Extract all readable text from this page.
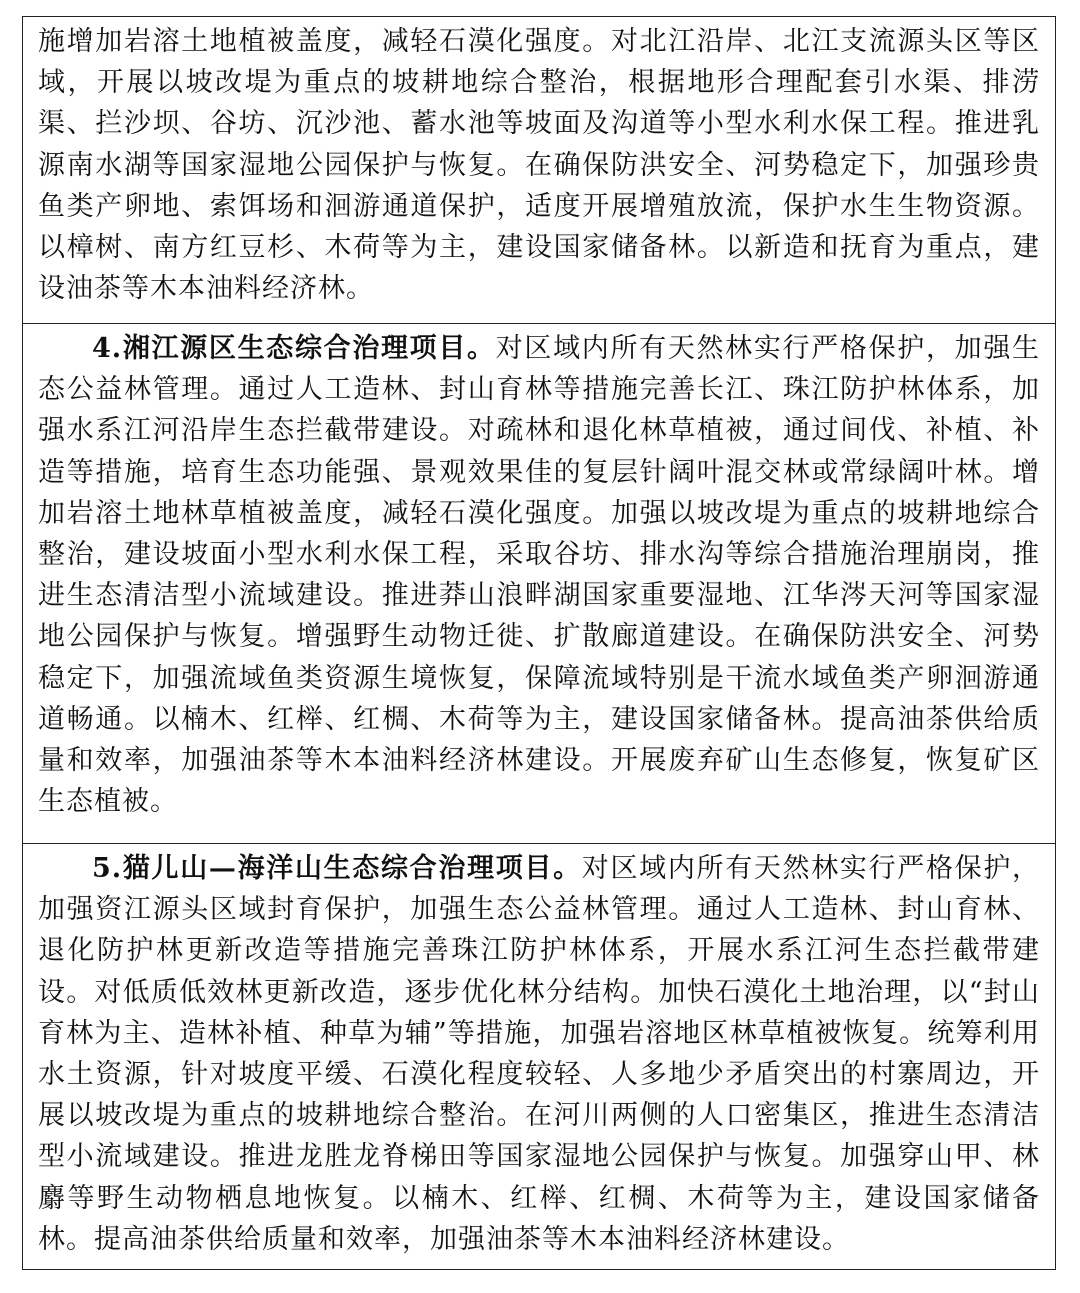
施增加岩溶土地植被盖度，减轻石漠化强度。对北江沿岸、北江支流源头区等区域，开展以坡改堤为重点的坡耕地综合整治，根据地形合理配套引水渠、排涝渠、拦沙坝、谷坊、沉沙池、蓄水池等坡面及沟道等小型水利水保工程。推进乳源南水湖等国家湿地公园保护与恢复。在确保防洪安全、河势稳定下，加强珍贵鱼类产卵地、索饵场和洄游通道保护，适度开展增殖放流，保护水生生物资源。以樟树、南方红豆杉、木荷等为主，建设国家储备林。以新造和抚育为重点，建设油茶等木本油料经济林。

4.湘江源区生态综合治理项目。对区域内所有天然林实行严格保护，加强生态公益林管理。通过人工造林、封山育林等措施完善长江、珠江防护林体系，加强水系江河沿岸生态拦截带建设。对疏林和退化林草植被，通过间伐、补植、补造等措施，培育生态功能强、景观效果佳的复层针阔叶混交林或常绿阔叶林。增加岩溶土地林草植被盖度，减轻石漠化强度。加强以坡改堤为重点的坡耕地综合整治，建设坡面小型水利水保工程，采取谷坊、排水沟等综合措施治理崩岗，推进生态清洁型小流域建设。推进莽山浪畔湖国家重要湿地、江华涔天河等国家湿地公园保护与恢复。增强野生动物迁徙、扩散廊道建设。在确保防洪安全、河势稳定下，加强流域鱼类资源生境恢复，保障流域特别是干流水域鱼类产卵洄游通道畅通。以楠木、红榉、红椆、木荷等为主，建设国家储备林。提高油茶供给质量和效率，加强油茶等木本油料经济林建设。开展废弃矿山生态修复，恢复矿区生态植被。

5.猫儿山—海洋山生态综合治理项目。对区域内所有天然林实行严格保护，加强资江源头区域封育保护，加强生态公益林管理。通过人工造林、封山育林、退化防护林更新改造等措施完善珠江防护林体系，开展水系江河生态拦截带建设。对低质低效林更新改造，逐步优化林分结构。加快石漠化土地治理，以“封山育林为主、造林补植、种草为辅”等措施，加强岩溶地区林草植被恢复。统筹利用水土资源，针对坡度平缓、石漠化程度较轻、人多地少矛盾突出的村寨周边，开展以坡改堤为重点的坡耕地综合整治。在河川两侧的人口密集区，推进生态清洁型小流域建设。推进龙胜龙脊梯田等国家湿地公园保护与恢复。加强穿山甲、林麝等野生动物栖息地恢复。以楠木、红榉、红椆、木荷等为主，建设国家储备林。提高油茶供给质量和效率，加强油茶等木本油料经济林建设。
